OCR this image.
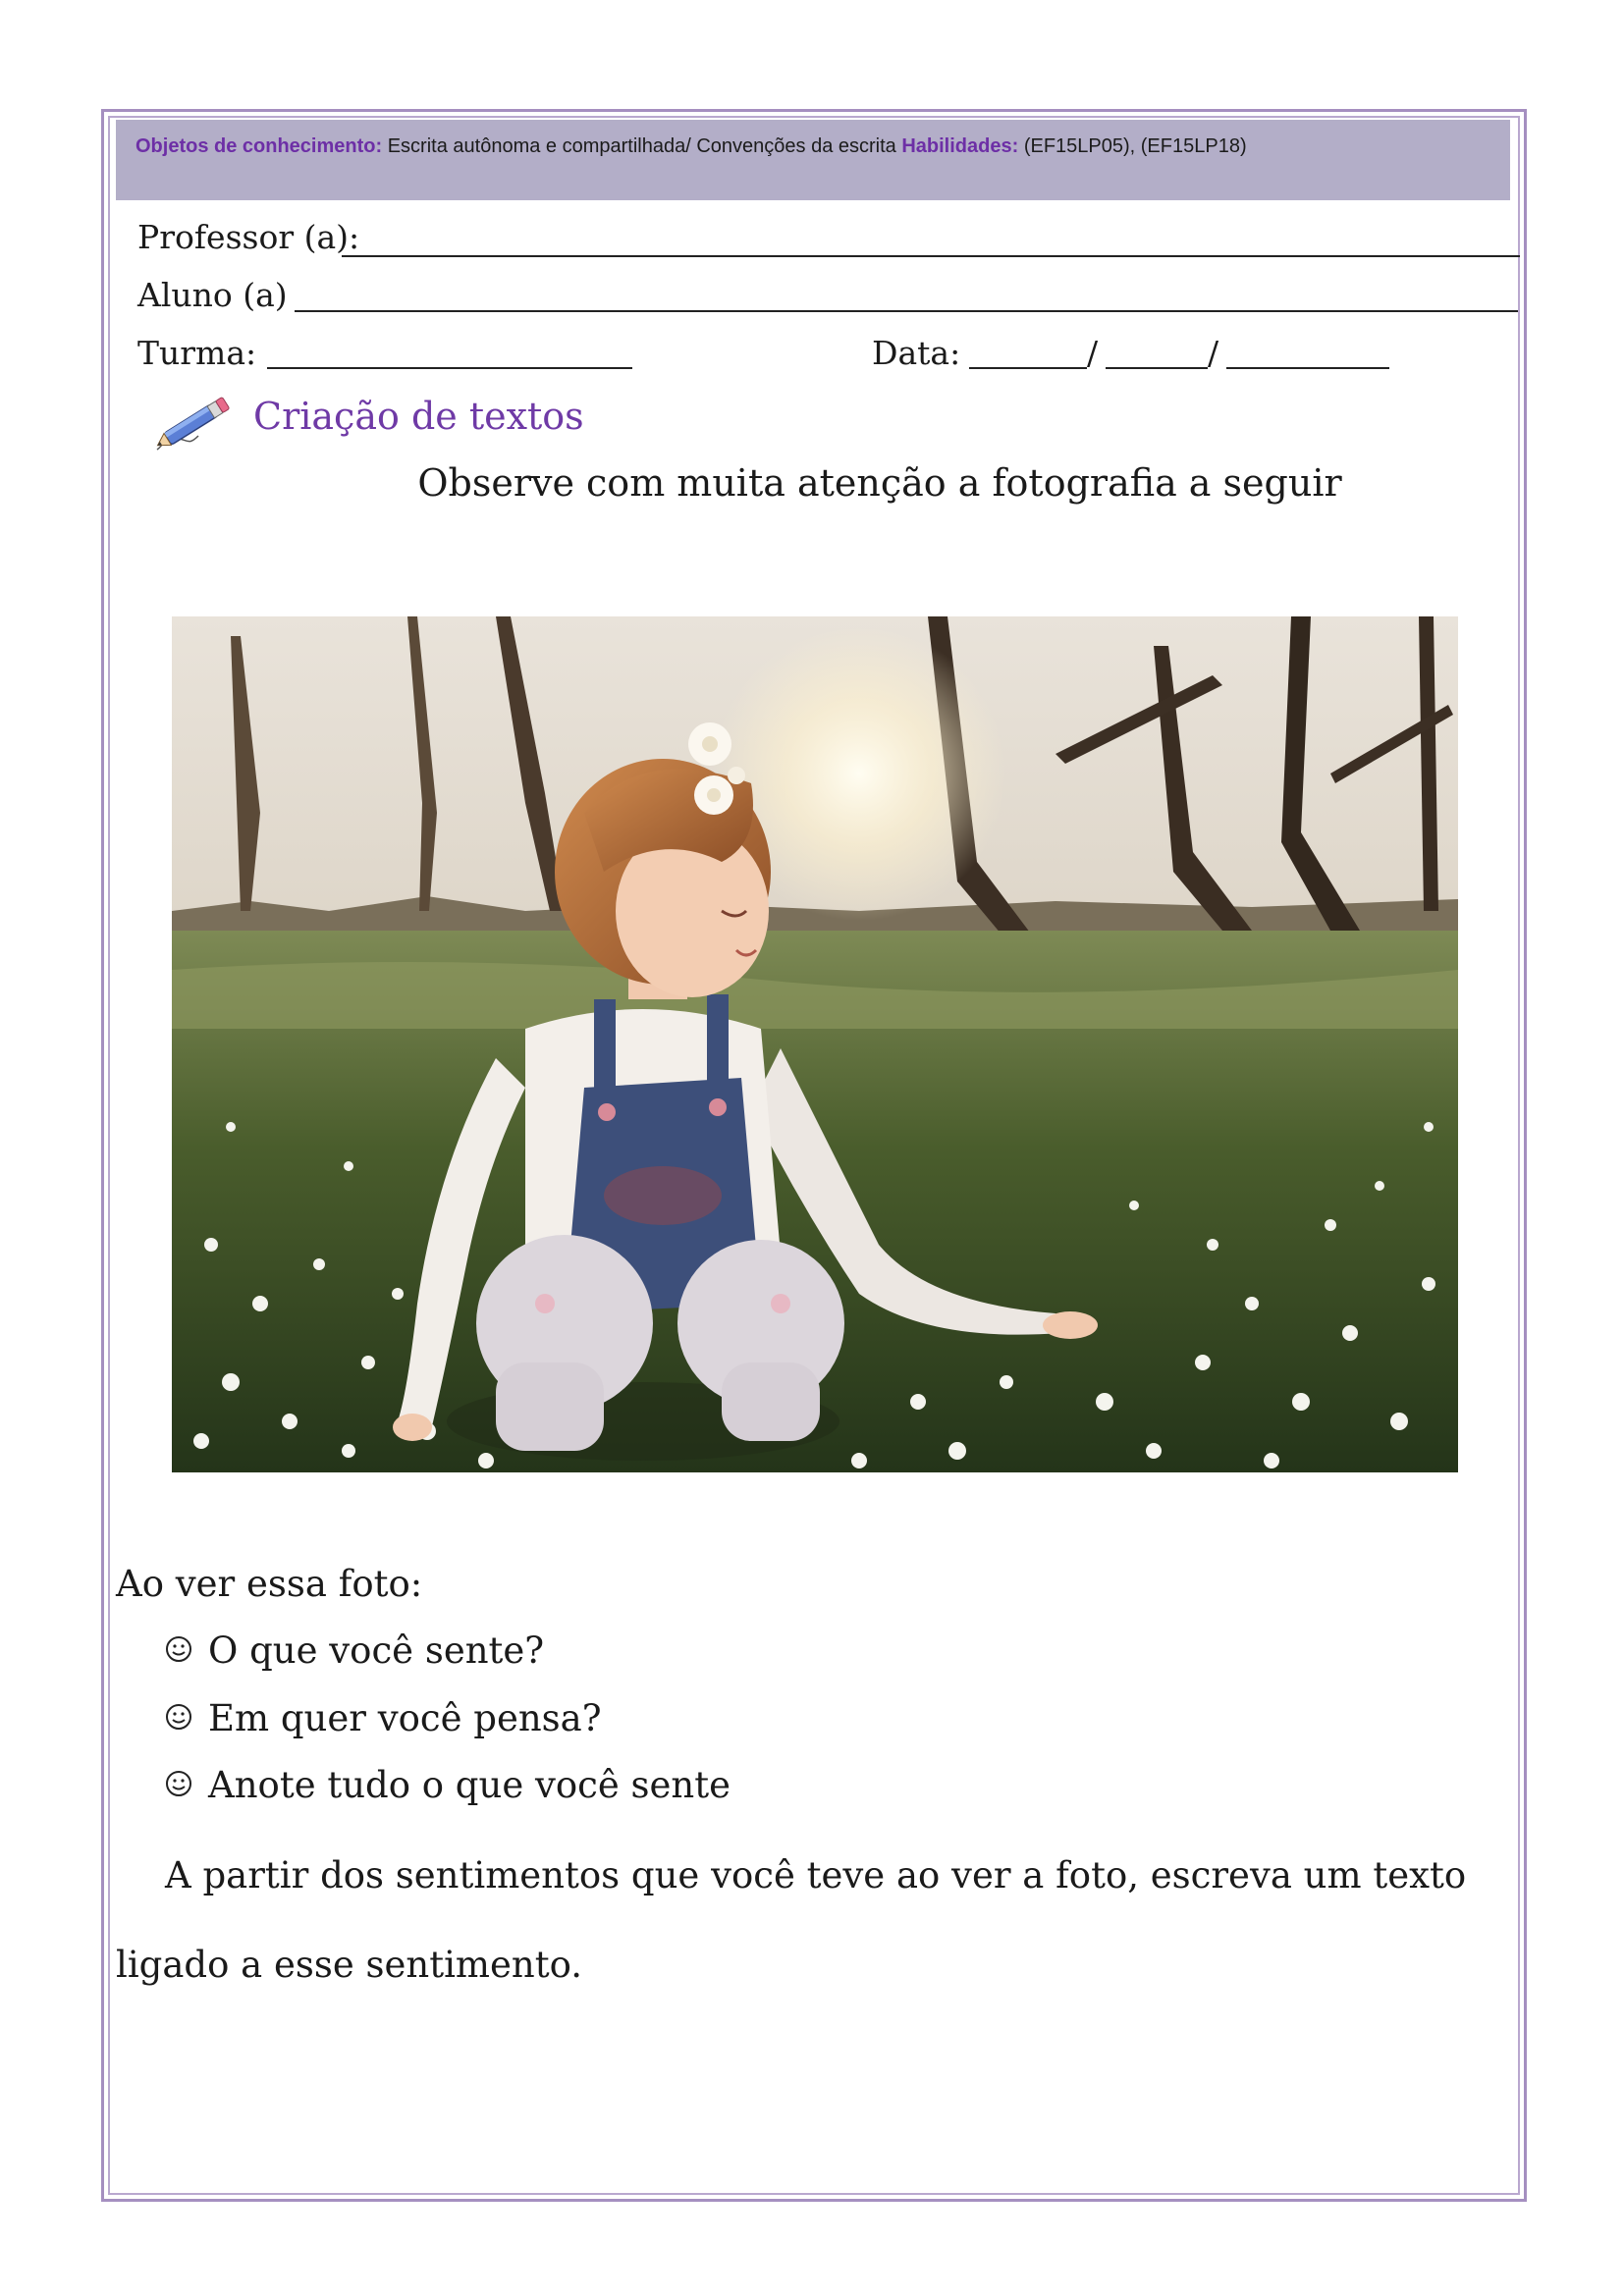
Objetos de conhecimento: Escrita autônoma e compartilhada/ Convenções da escrita Habilidades: (EF15LP05), (EF15LP18)
Professor (a):
Aluno (a)
Turma:	Data:	/	/
Criação de textos
Observe com muita atenção a fotografia a seguir
Ao ver essa foto:
O que você sente?
Em quer você pensa?
Anote tudo o que você sente
A partir dos sentimentos que você teve ao ver a foto, escreva um texto
ligado a esse sentimento.
